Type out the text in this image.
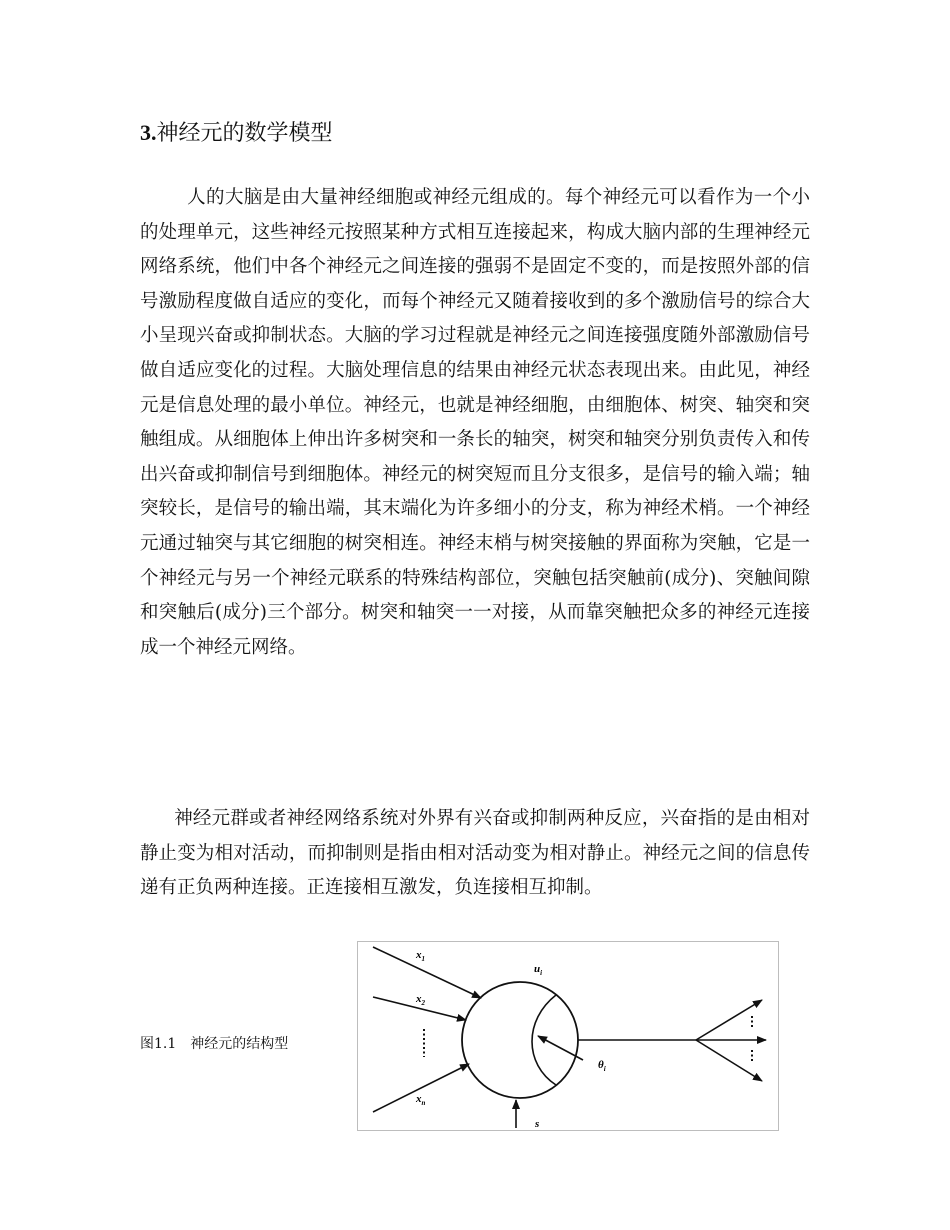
3.神经元的数学模型

人的大脑是由大量神经细胞或神经元组成的。每个神经元可以看作为一个小的处理单元，这些神经元按照某种方式相互连接起来，构成大脑内部的生理神经元网络系统，他们中各个神经元之间连接的强弱不是固定不变的，而是按照外部的信号激励程度做自适应的变化，而每个神经元又随着接收到的多个激励信号的综合大小呈现兴奋或抑制状态。大脑的学习过程就是神经元之间连接强度随外部激励信号做自适应变化的过程。大脑处理信息的结果由神经元状态表现出来。由此见，神经元是信息处理的最小单位。神经元，也就是神经细胞，由细胞体、树突、轴突和突触组成。从细胞体上伸出许多树突和一条长的轴突，树突和轴突分别负责传入和传出兴奋或抑制信号到细胞体。神经元的树突短而且分支很多，是信号的输入端；轴突较长，是信号的输出端，其末端化为许多细小的分支，称为神经术梢。一个神经元通过轴突与其它细胞的树突相连。神经末梢与树突接触的界面称为突触，它是一个神经元与另一个神经元联系的特殊结构部位，突触包括突触前(成分)、突触间隙和突触后(成分)三个部分。树突和轴突一一对接，从而靠突触把众多的神经元连接成一个神经元网络。

神经元群或者神经网络系统对外界有兴奋或抑制两种反应，兴奋指的是由相对静止变为相对活动，而抑制则是指由相对活动变为相对静止。神经元之间的信息传递有正负两种连接。正连接相互激发，负连接相互抑制。

图1.1　神经元的结构型
$x_1$
$x_2$
$x_n$
$u_i$
$\theta_i$
s
